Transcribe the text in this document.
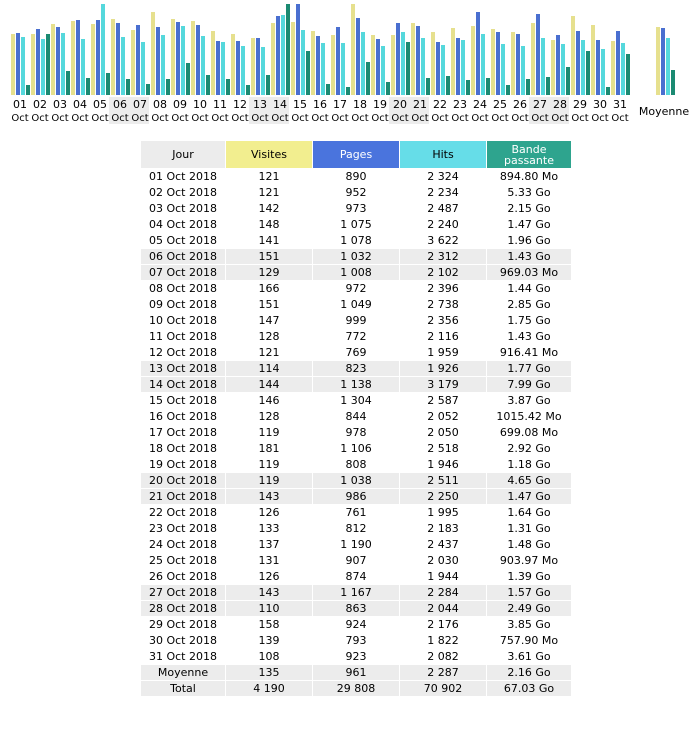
01
Oct
02
Oct
03
Oct
04
Oct
05
Oct
06
Oct
07
Oct
08
Oct
09
Oct
10
Oct
11
Oct
12
Oct
13
Oct
14
Oct
15
Oct
16
Oct
17
Oct
18
Oct
19
Oct
20
Oct
21
Oct
22
Oct
23
Oct
24
Oct
25
Oct
26
Oct
27
Oct
28
Oct
29
Oct
30
Oct
31
Oct
Moyenne
Jour	Visites	Pages	Hits	Bande
passante
01 Oct 2018	121	890	2 324	894.80 Mo
02 Oct 2018	121	952	2 234	5.33 Go
03 Oct 2018	142	973	2 487	2.15 Go
04 Oct 2018	148	1 075	2 240	1.47 Go
05 Oct 2018	141	1 078	3 622	1.96 Go
06 Oct 2018	151	1 032	2 312	1.43 Go
07 Oct 2018	129	1 008	2 102	969.03 Mo
08 Oct 2018	166	972	2 396	1.44 Go
09 Oct 2018	151	1 049	2 738	2.85 Go
10 Oct 2018	147	999	2 356	1.75 Go
11 Oct 2018	128	772	2 116	1.43 Go
12 Oct 2018	121	769	1 959	916.41 Mo
13 Oct 2018	114	823	1 926	1.77 Go
14 Oct 2018	144	1 138	3 179	7.99 Go
15 Oct 2018	146	1 304	2 587	3.87 Go
16 Oct 2018	128	844	2 052	1015.42 Mo
17 Oct 2018	119	978	2 050	699.08 Mo
18 Oct 2018	181	1 106	2 518	2.92 Go
19 Oct 2018	119	808	1 946	1.18 Go
20 Oct 2018	119	1 038	2 511	4.65 Go
21 Oct 2018	143	986	2 250	1.47 Go
22 Oct 2018	126	761	1 995	1.64 Go
23 Oct 2018	133	812	2 183	1.31 Go
24 Oct 2018	137	1 190	2 437	1.48 Go
25 Oct 2018	131	907	2 030	903.97 Mo
26 Oct 2018	126	874	1 944	1.39 Go
27 Oct 2018	143	1 167	2 284	1.57 Go
28 Oct 2018	110	863	2 044	2.49 Go
29 Oct 2018	158	924	2 176	3.85 Go
30 Oct 2018	139	793	1 822	757.90 Mo
31 Oct 2018	108	923	2 082	3.61 Go
Moyenne	135	961	2 287	2.16 Go
Total	4 190	29 808	70 902	67.03 Go
